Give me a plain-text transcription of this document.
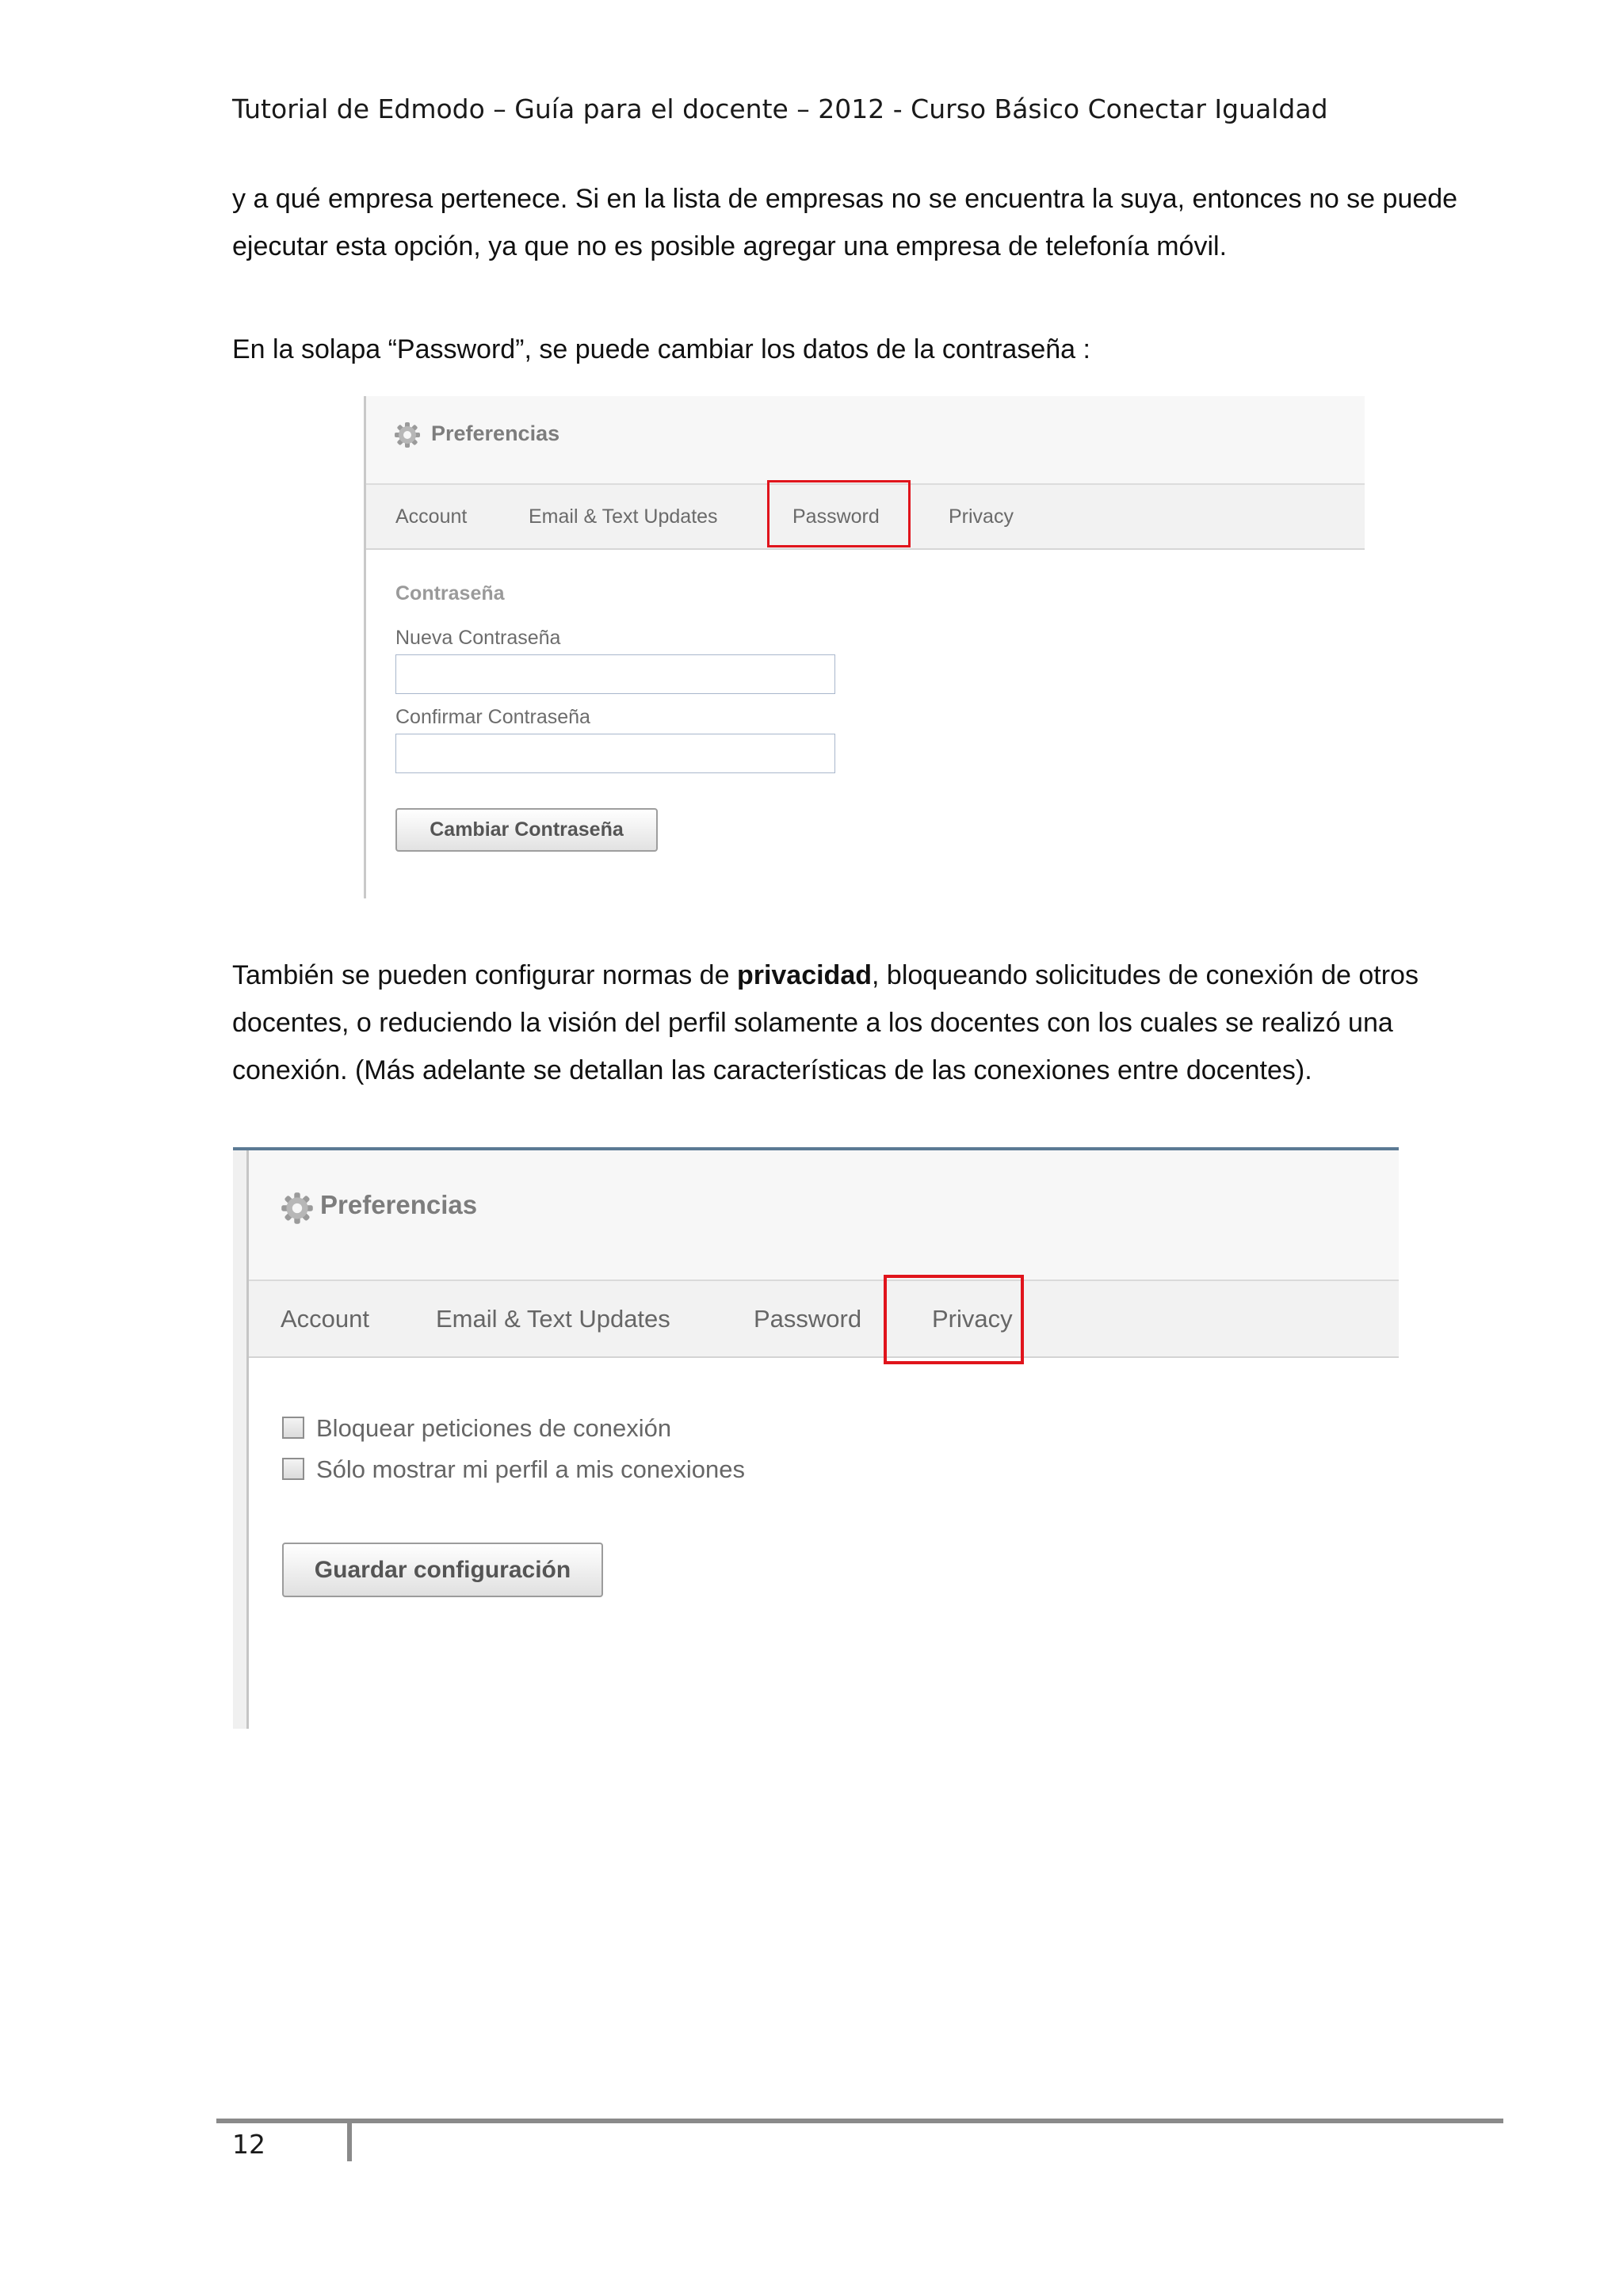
Tutorial de Edmodo – Guía para el docente – 2012 - Curso Básico Conectar Igualdad
y a qué empresa pertenece. Si en la lista de empresas no se encuentra la suya, entonces no se puede ejecutar esta opción, ya que no es posible agregar una empresa de telefonía móvil.
En la solapa “Password”, se puede cambiar los datos de la contraseña :
Preferencias
Account	Email & Text Updates	Password	Privacy
Contraseña
Nueva Contraseña
Confirmar Contraseña
Cambiar Contraseña
También se pueden configurar normas de privacidad, bloqueando solicitudes de conexión de otros docentes, o reduciendo la visión del perfil solamente a los docentes con los cuales se realizó una conexión. (Más adelante se detallan las características de las conexiones entre docentes).
Preferencias
Account	Email & Text Updates	Password	Privacy
Bloquear peticiones de conexión
Sólo mostrar mi perfil a mis conexiones
Guardar configuración
12
